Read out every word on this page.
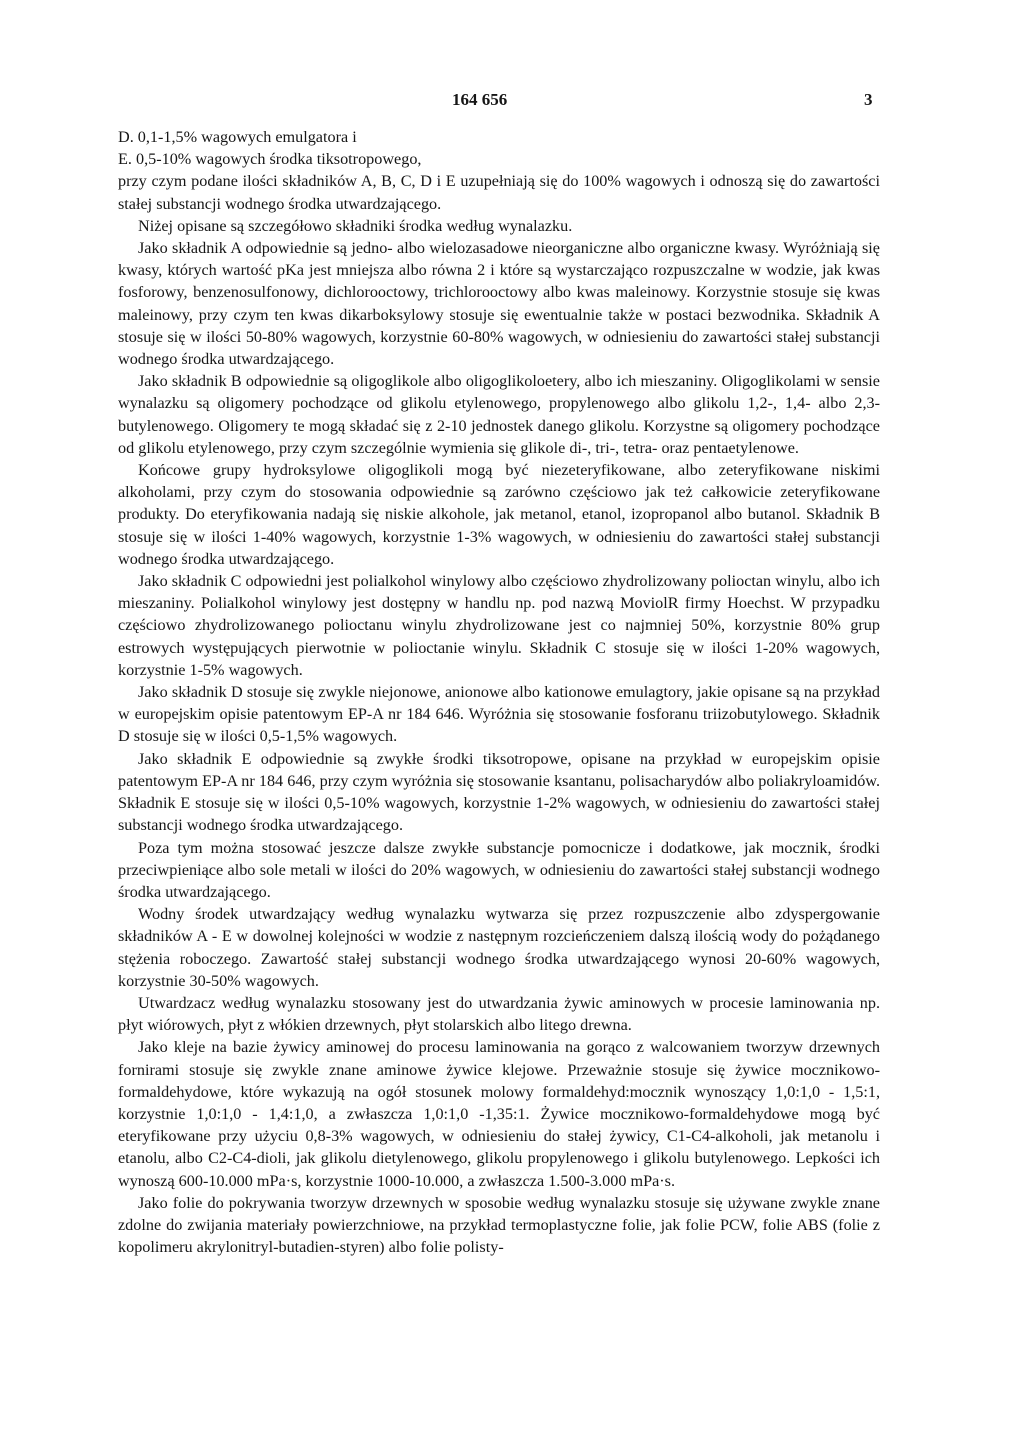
164 656	3

D. 0,1-1,5% wagowych emulgatora i

E. 0,5-10% wagowych środka tiksotropowego,

przy czym podane ilości składników A, B, C, D i E uzupełniają się do 100% wagowych i odnoszą się do zawartości stałej substancji wodnego środka utwardzającego.

Niżej opisane są szczegółowo składniki środka według wynalazku.

Jako składnik A odpowiednie są jedno- albo wielozasadowe nieorganiczne albo organiczne kwasy. Wyróżniają się kwasy, których wartość pKa jest mniejsza albo równa 2 i które są wystarczająco rozpuszczalne w wodzie, jak kwas fosforowy, benzenosulfonowy, dichlorooctowy, trichlorooctowy albo kwas maleinowy. Korzystnie stosuje się kwas maleinowy, przy czym ten kwas dikarboksylowy stosuje się ewentualnie także w postaci bezwodnika. Składnik A stosuje się w ilości 50-80% wagowych, korzystnie 60-80% wagowych, w odniesieniu do zawartości stałej substancji wodnego środka utwardzającego.

Jako składnik B odpowiednie są oligoglikole albo oligoglikoloetery, albo ich mieszaniny. Oligoglikolami w sensie wynalazku są oligomery pochodzące od glikolu etylenowego, propylenowego albo glikolu 1,2-, 1,4- albo 2,3-butylenowego. Oligomery te mogą składać się z 2-10 jednostek danego glikolu. Korzystne są oligomery pochodzące od glikolu etylenowego, przy czym szczególnie wymienia się glikole di-, tri-, tetra- oraz pentaetylenowe.

Końcowe grupy hydroksylowe oligoglikoli mogą być niezeteryfikowane, albo zeteryfikowane niskimi alkoholami, przy czym do stosowania odpowiednie są zarówno częściowo jak też całkowicie zeteryfikowane produkty. Do eteryfikowania nadają się niskie alkohole, jak metanol, etanol, izopropanol albo butanol. Składnik B stosuje się w ilości 1-40% wagowych, korzystnie 1-3% wagowych, w odniesieniu do zawartości stałej substancji wodnego środka utwardzającego.

Jako składnik C odpowiedni jest polialkohol winylowy albo częściowo zhydrolizowany polioctan winylu, albo ich mieszaniny. Polialkohol winylowy jest dostępny w handlu np. pod nazwą MoviolR firmy Hoechst. W przypadku częściowo zhydrolizowanego polioctanu winylu zhydrolizowane jest co najmniej 50%, korzystnie 80% grup estrowych występujących pierwotnie w polioctanie winylu. Składnik C stosuje się w ilości 1-20% wagowych, korzystnie 1-5% wagowych.

Jako składnik D stosuje się zwykle niejonowe, anionowe albo kationowe emulagtory, jakie opisane są na przykład w europejskim opisie patentowym EP-A nr 184 646. Wyróżnia się stosowanie fosforanu triizobutylowego. Składnik D stosuje się w ilości 0,5-1,5% wagowych.

Jako składnik E odpowiednie są zwykłe środki tiksotropowe, opisane na przykład w europejskim opisie patentowym EP-A nr 184 646, przy czym wyróżnia się stosowanie ksantanu, polisacharydów albo poliakryloamidów. Składnik E stosuje się w ilości 0,5-10% wagowych, korzystnie 1-2% wagowych, w odniesieniu do zawartości stałej substancji wodnego środka utwardzającego.

Poza tym można stosować jeszcze dalsze zwykłe substancje pomocnicze i dodatkowe, jak mocznik, środki przeciwpieniące albo sole metali w ilości do 20% wagowych, w odniesieniu do zawartości stałej substancji wodnego środka utwardzającego.

Wodny środek utwardzający według wynalazku wytwarza się przez rozpuszczenie albo zdyspergowanie składników A - E w dowolnej kolejności w wodzie z następnym rozcieńczeniem dalszą ilością wody do pożądanego stężenia roboczego. Zawartość stałej substancji wodnego środka utwardzającego wynosi 20-60% wagowych, korzystnie 30-50% wagowych.

Utwardzacz według wynalazku stosowany jest do utwardzania żywic aminowych w procesie laminowania np. płyt wiórowych, płyt z włókien drzewnych, płyt stolarskich albo litego drewna.

Jako kleje na bazie żywicy aminowej do procesu laminowania na gorąco z walcowaniem tworzyw drzewnych fornirami stosuje się zwykle znane aminowe żywice klejowe. Przeważnie stosuje się żywice mocznikowo-formaldehydowe, które wykazują na ogół stosunek molowy formaldehyd:mocznik wynoszący 1,0:1,0 - 1,5:1, korzystnie 1,0:1,0 - 1,4:1,0, a zwłaszcza 1,0:1,0 -1,35:1. Żywice mocznikowo-formaldehydowe mogą być eteryfikowane przy użyciu 0,8-3% wagowych, w odniesieniu do stałej żywicy, C1-C4-alkoholi, jak metanolu i etanolu, albo C2-C4-dioli, jak glikolu dietylenowego, glikolu propylenowego i glikolu butylenowego. Lepkości ich wynoszą 600-10.000 mPa·s, korzystnie 1000-10.000, a zwłaszcza 1.500-3.000 mPa·s.

Jako folie do pokrywania tworzyw drzewnych w sposobie według wynalazku stosuje się używane zwykle znane zdolne do zwijania materiały powierzchniowe, na przykład termoplastyczne folie, jak folie PCW, folie ABS (folie z kopolimeru akrylonitryl-butadien-styren) albo folie polisty-
